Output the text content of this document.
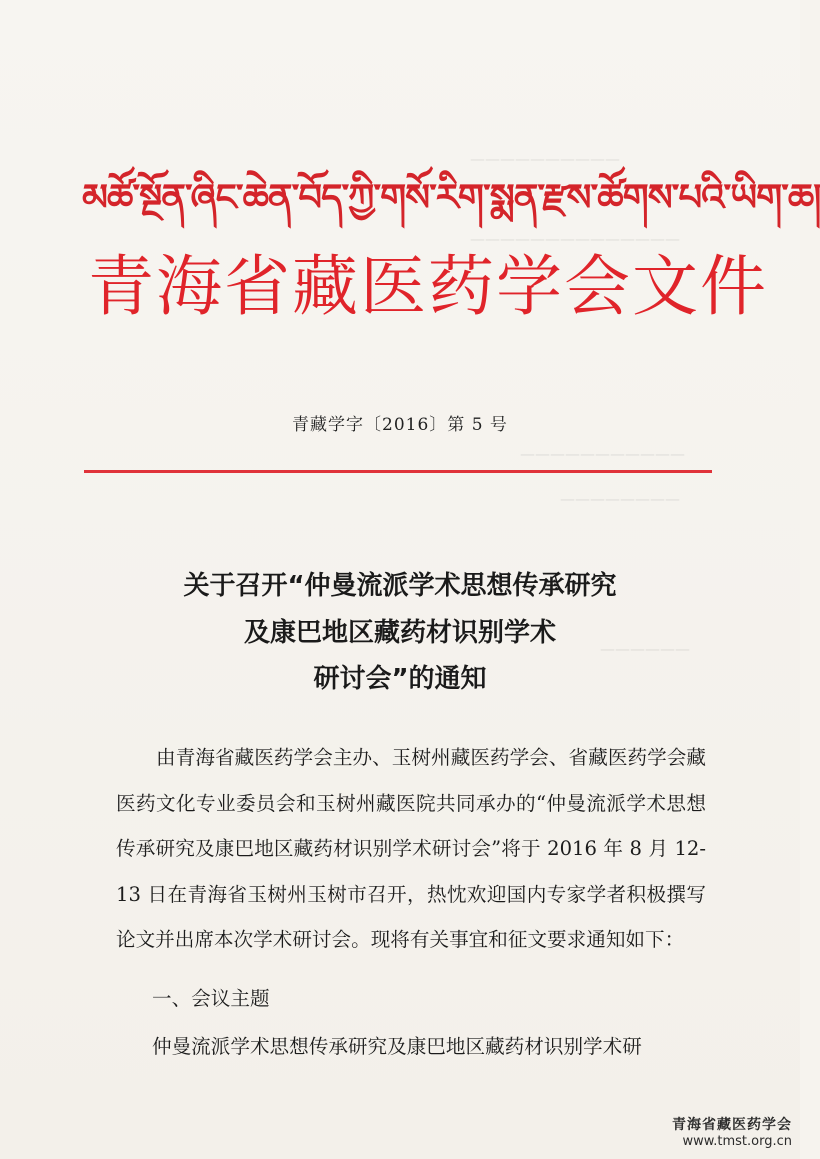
——————————
——————————————
———————————
————————
——————
མཚོ་སྔོན་ཞིང་ཆེན་བོད་ཀྱི་གསོ་རིག་སྨན་རྫས་ཚོགས་པའི་ཡིག་ཆ།
青海省藏医药学会文件
青藏学字〔2016〕第 5 号
关于召开“仲曼流派学术思想传承研究
及康巴地区藏药材识别学术
研讨会”的通知
由青海省藏医药学会主办、玉树州藏医药学会、省藏医药学会藏医药文化专业委员会和玉树州藏医院共同承办的“仲曼流派学术思想传承研究及康巴地区藏药材识别学术研讨会”将于 2016 年 8 月 12-13 日在青海省玉树州玉树市召开，热忱欢迎国内专家学者积极撰写论文并出席本次学术研讨会。现将有关事宜和征文要求通知如下：
一、会议主题
仲曼流派学术思想传承研究及康巴地区藏药材识别学术研
青海省藏医药学会
www.tmst.org.cn
